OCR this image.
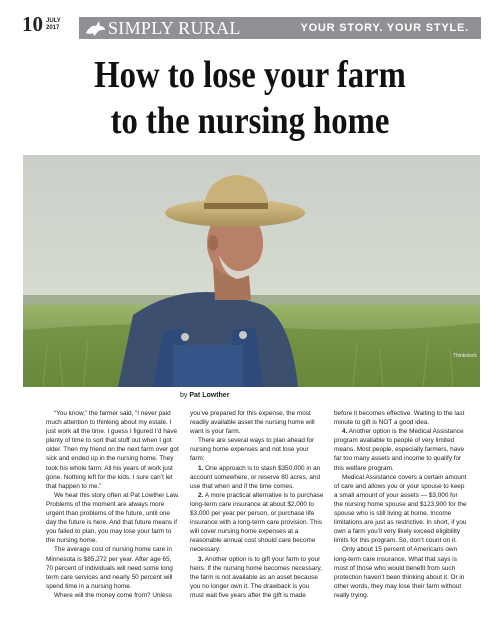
10 JULY
2017	SIMPLY RURAL	YOUR STORY. YOUR STYLE.
How to lose your farm
to the nursing home
Thinkstock
by Pat Lowther

“You know,” the farmer said, “I never paid much attention to thinking about my estate. I just work all the time. I guess I figured I’d have plenty of time to sort that stuff out when I got older. Then my friend on the next farm over got sick and ended up in the nursing home. They took his whole farm. All his years of work just gone. Nothing left for the kids. I sure can’t let that happen to me.”

We hear this story often at Pat Lowther Law. Problems of the moment are always more urgent than problems of the future, until one day the future is here. And that future means if you failed to plan, you may lose your farm to the nursing home.

The average cost of nursing home care in Minnesota is $85,272 per year. After age 65, 70 percent of individuals will need some long term care services and nearly 50 percent will spend time in a nursing home.

Where will the money come from? Unless

you’ve prepared for this expense, the most readily available asset the nursing home will want is your farm.

There are several ways to plan ahead for nursing home expenses and not lose your farm:

1. One approach is to stash $350,000 in an account somewhere, or reserve 80 acres, and use that when and if the time comes.

2. A more practical alternative is to purchase long-term care insurance at about $2,000 to $3,000 per year per person, or purchase life insurance with a long-term care provision. This will cover nursing home expenses at a reasonable annual cost should care become necessary.

3. Another option is to gift your farm to your heirs. If the nursing home becomes necessary, the farm is not available as an asset because you no longer own it. The drawback is you must wait five years after the gift is made

before it becomes effective. Waiting to the last minute to gift is NOT a good idea.

4. Another option is the Medical Assistance program available to people of very limited means. Most people, especially farmers, have far too many assets and income to qualify for this welfare program.

Medical Assistance covers a certain amount of care and allows you or your spouse to keep a small amount of your assets — $3,000 for the nursing home spouse and $123,900 for the spouse who is still living at home. Income limitations are just as restrictive. In short, if you own a farm you’ll very likely exceed eligibility limits for this program. So, don’t count on it.

Only about 15 percent of Americans own long-term care insurance. What that says is most of those who would benefit from such protection haven’t been thinking about it. Or in other words, they may lose their farm without really trying.
